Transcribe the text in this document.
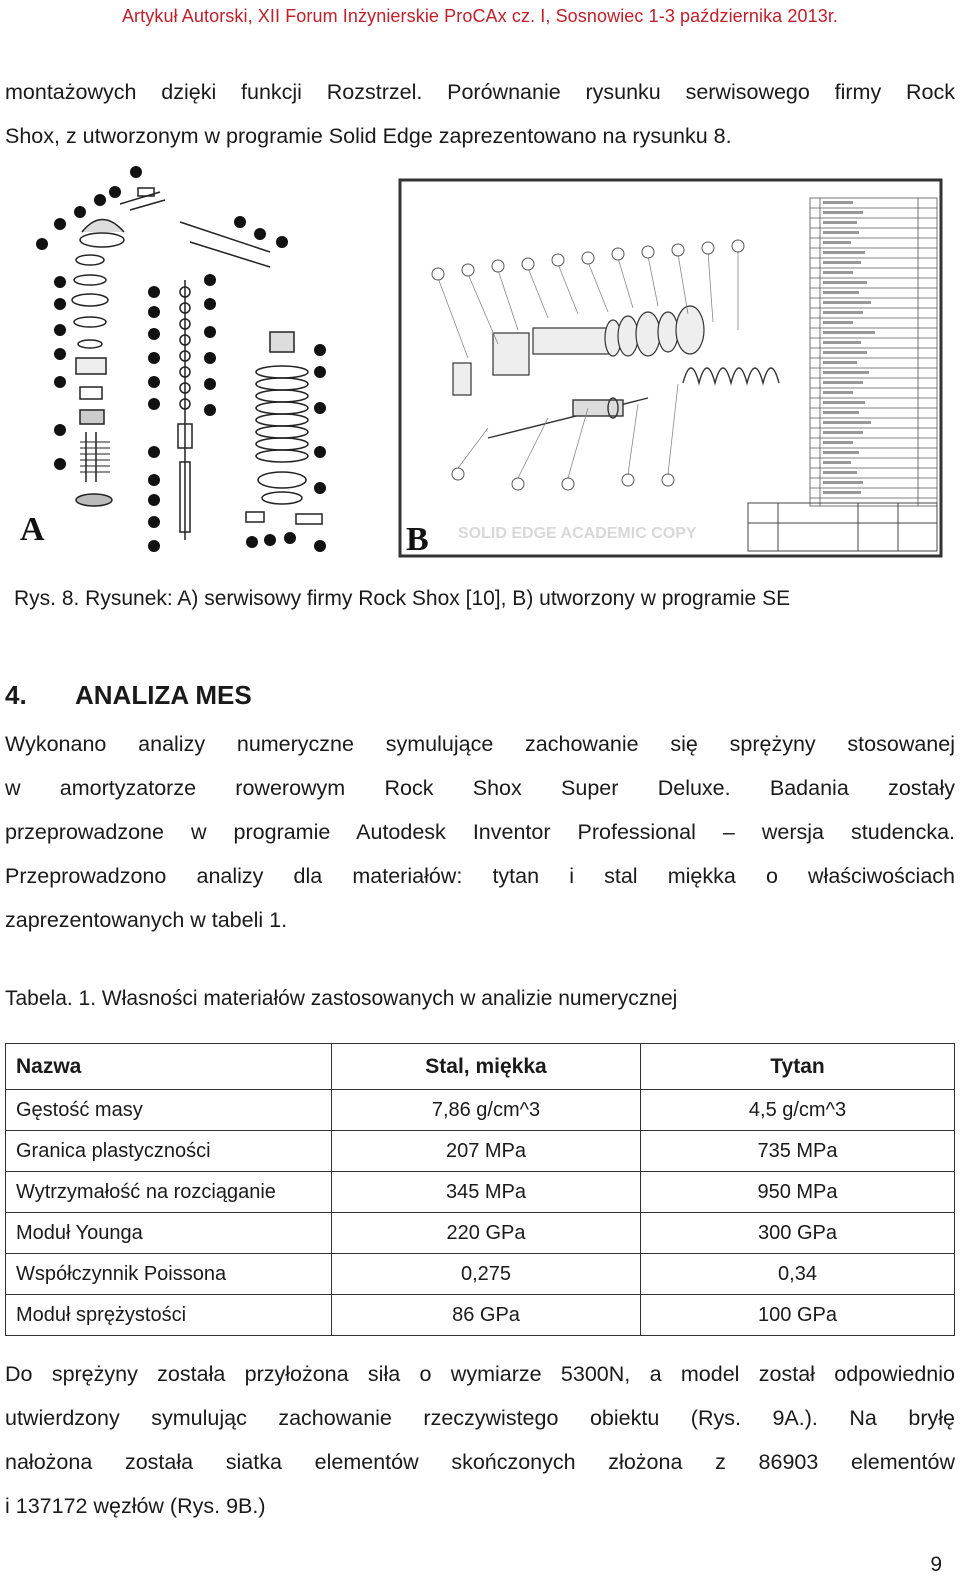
Artykuł Autorski, XII Forum Inżynierskie ProCAx cz. I, Sosnowiec 1-3 października 2013r.
montażowych dzięki funkcji Rozstrzel. Porównanie rysunku serwisowego firmy Rock
Shox, z utworzonym w programie Solid Edge zaprezentowano na rysunku 8.
A	SOLID EDGE ACADEMIC COPY
B
Rys. 8. Rysunek: A) serwisowy firmy Rock Shox [10], B) utworzony w programie SE
4. ANALIZA MES
Wykonano analizy numeryczne symulujące zachowanie się sprężyny stosowanej
w amortyzatorze rowerowym Rock Shox Super Deluxe. Badania zostały
przeprowadzone w programie Autodesk Inventor Professional – wersja studencka.
Przeprowadzono analizy dla materiałów: tytan i stal miękka o właściwościach
zaprezentowanych w tabeli 1.
Tabela. 1. Własności materiałów zastosowanych w analizie numerycznej
Nazwa	Stal, miękka	Tytan
Gęstość masy	7,86 g/cm^3	4,5 g/cm^3
Granica plastyczności	207 MPa	735 MPa
Wytrzymałość na rozciąganie	345 MPa	950 MPa
Moduł Younga	220 GPa	300 GPa
Współczynnik Poissona	0,275	0,34
Moduł sprężystości	86 GPa	100 GPa
Do sprężyny została przyłożona siła o wymiarze 5300N, a model został odpowiednio
utwierdzony symulując zachowanie rzeczywistego obiektu (Rys. 9A.). Na bryłę
nałożona została siatka elementów skończonych złożona z 86903 elementów
i 137172 węzłów (Rys. 9B.)
9
